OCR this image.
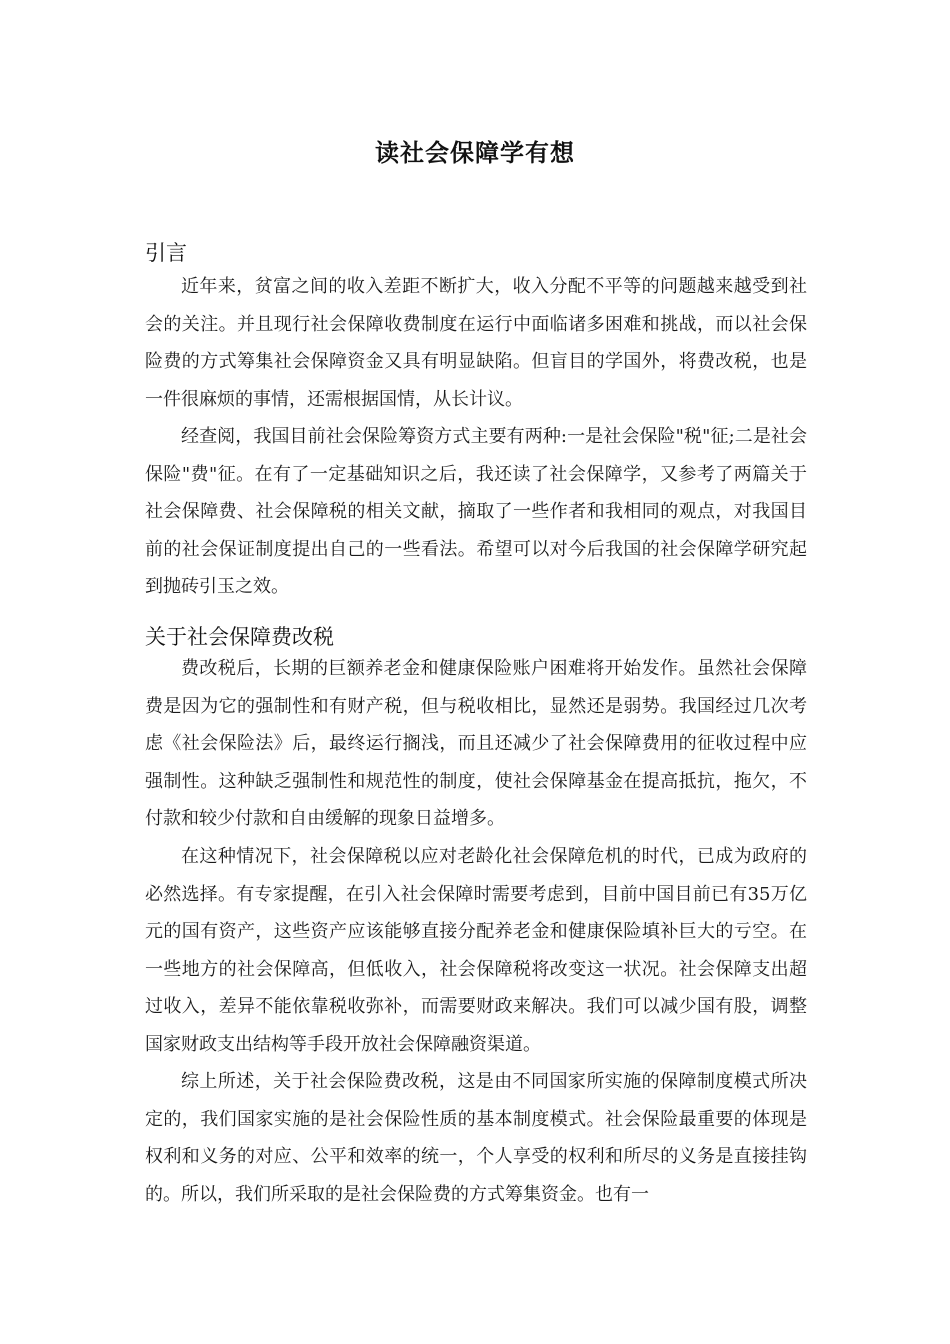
读社会保障学有想
引言

近年来，贫富之间的收入差距不断扩大，收入分配不平等的问题越来越受到社会的关注。并且现行社会保障收费制度在运行中面临诸多困难和挑战，而以社会保险费的方式筹集社会保障资金又具有明显缺陷。但盲目的学国外，将费改税，也是一件很麻烦的事情，还需根据国情，从长计议。

经查阅，我国目前社会保险筹资方式主要有两种:一是社会保险"税"征;二是社会保险"费"征。在有了一定基础知识之后，我还读了社会保障学，又参考了两篇关于社会保障费、社会保障税的相关文献，摘取了一些作者和我相同的观点，对我国目前的社会保证制度提出自己的一些看法。希望可以对今后我国的社会保障学研究起到抛砖引玉之效。

关于社会保障费改税

费改税后，长期的巨额养老金和健康保险账户困难将开始发作。虽然社会保障费是因为它的强制性和有财产税，但与税收相比，显然还是弱势。我国经过几次考虑《社会保险法》后，最终运行搁浅，而且还减少了社会保障费用的征收过程中应强制性。这种缺乏强制性和规范性的制度，使社会保障基金在提高抵抗，拖欠，不付款和较少付款和自由缓解的现象日益增多。

在这种情况下，社会保障税以应对老龄化社会保障危机的时代，已成为政府的必然选择。有专家提醒，在引入社会保障时需要考虑到，目前中国目前已有35万亿元的国有资产，这些资产应该能够直接分配养老金和健康保险填补巨大的亏空。在一些地方的社会保障高，但低收入，社会保障税将改变这一状况。社会保障支出超过收入，差异不能依靠税收弥补，而需要财政来解决。我们可以减少国有股，调整国家财政支出结构等手段开放社会保障融资渠道。

综上所述，关于社会保险费改税，这是由不同国家所实施的保障制度模式所决定的，我们国家实施的是社会保险性质的基本制度模式。社会保险最重要的体现是权利和义务的对应、公平和效率的统一，个人享受的权利和所尽的义务是直接挂钩的。所以，我们所采取的是社会保险费的方式筹集资金。也有一
